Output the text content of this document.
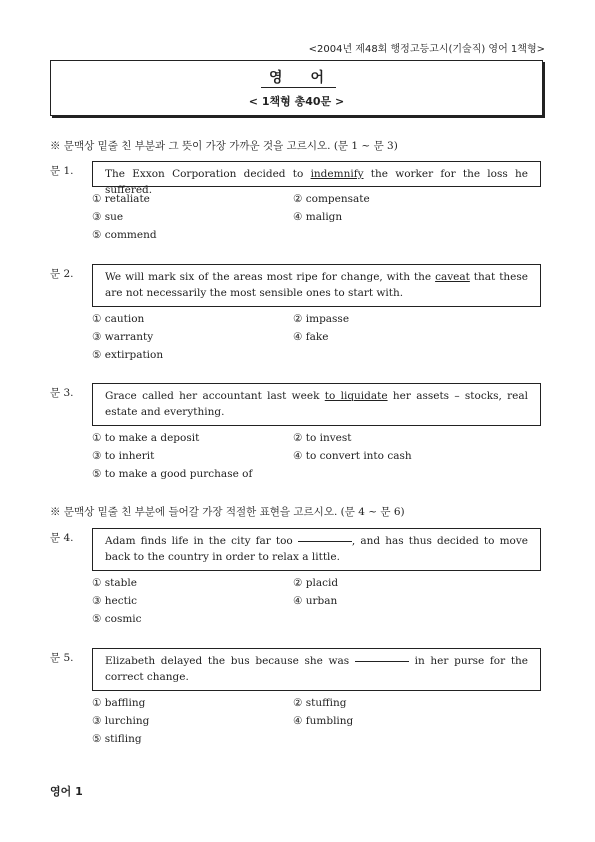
<2004년 제48회 행정고등고시(기술직) 영어 1책형>
영어
< 1책형 총40문 >
※ 문맥상 밑줄 친 부분과 그 뜻이 가장 가까운 것을 고르시오. (문 1 ~ 문 3)
문 1.	The Exxon Corporation decided to indemnify the worker for the loss he suffered.
① retaliate	② compensate
③ sue	④ malign
⑤ commend
문 2.	We will mark six of the areas most ripe for change, with the caveat that these are not necessarily the most sensible ones to start with.
① caution	② impasse
③ warranty	④ fake
⑤ extirpation
문 3.	Grace called her accountant last week to liquidate her assets – stocks, real estate and everything.
① to make a deposit	② to invest
③ to inherit	④ to convert into cash
⑤ to make a good purchase of
※ 문맥상 밑줄 친 부분에 들어갈 가장 적절한 표현을 고르시오. (문 4 ~ 문 6)
문 4.	Adam finds life in the city far too	, and has thus decided to move back to the country in order to relax a little.
① stable	② placid
③ hectic	④ urban
⑤ cosmic
문 5.	Elizabeth delayed the bus because she was	in her purse for the correct change.
① baffling	② stuffing
③ lurching	④ fumbling
⑤ stifling
영어 1
